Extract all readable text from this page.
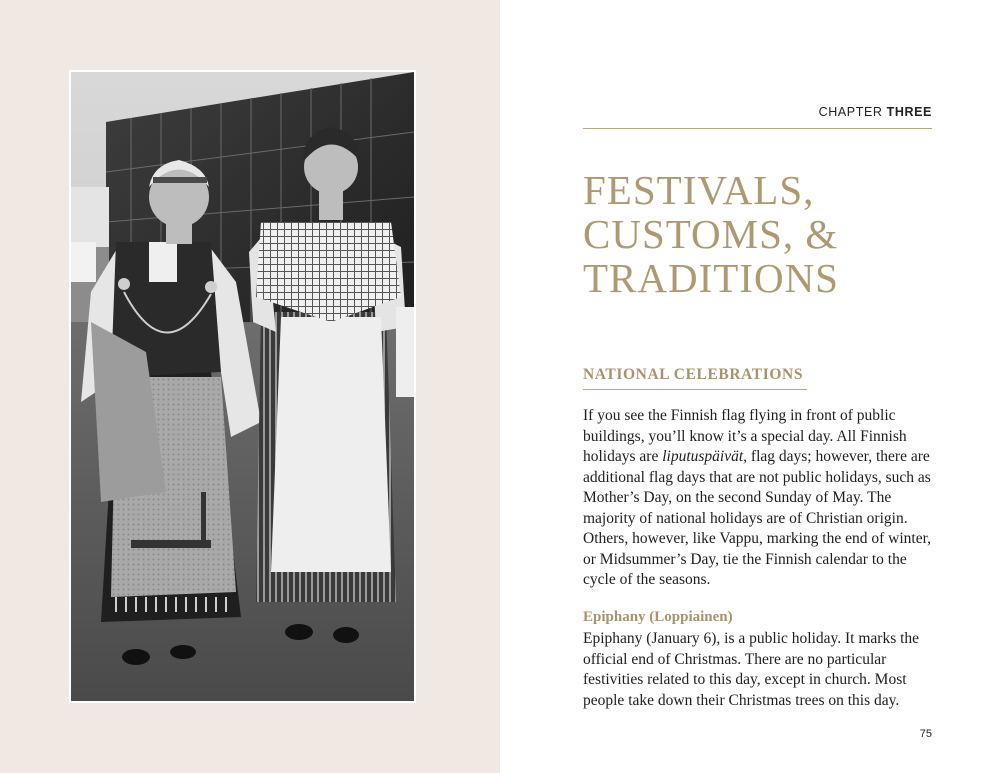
CHAPTER THREE
FESTIVALS,
CUSTOMS, &
TRADITIONS
NATIONAL CELEBRATIONS

If you see the Finnish flag flying in front of public buildings, you’ll know it’s a special day. All Finnish holidays are liputuspäivät, flag days; however, there are additional flag days that are not public holidays, such as Mother’s Day, on the second Sunday of May. The majority of national holidays are of Christian origin. Others, however, like Vappu, marking the end of winter, or Midsummer’s Day, tie the Finnish calendar to the cycle of the seasons.

Epiphany (Loppiainen)

Epiphany (January 6), is a public holiday. It marks the official end of Christmas. There are no particular festivities related to this day, except in church. Most people take down their Christmas trees on this day.

75
